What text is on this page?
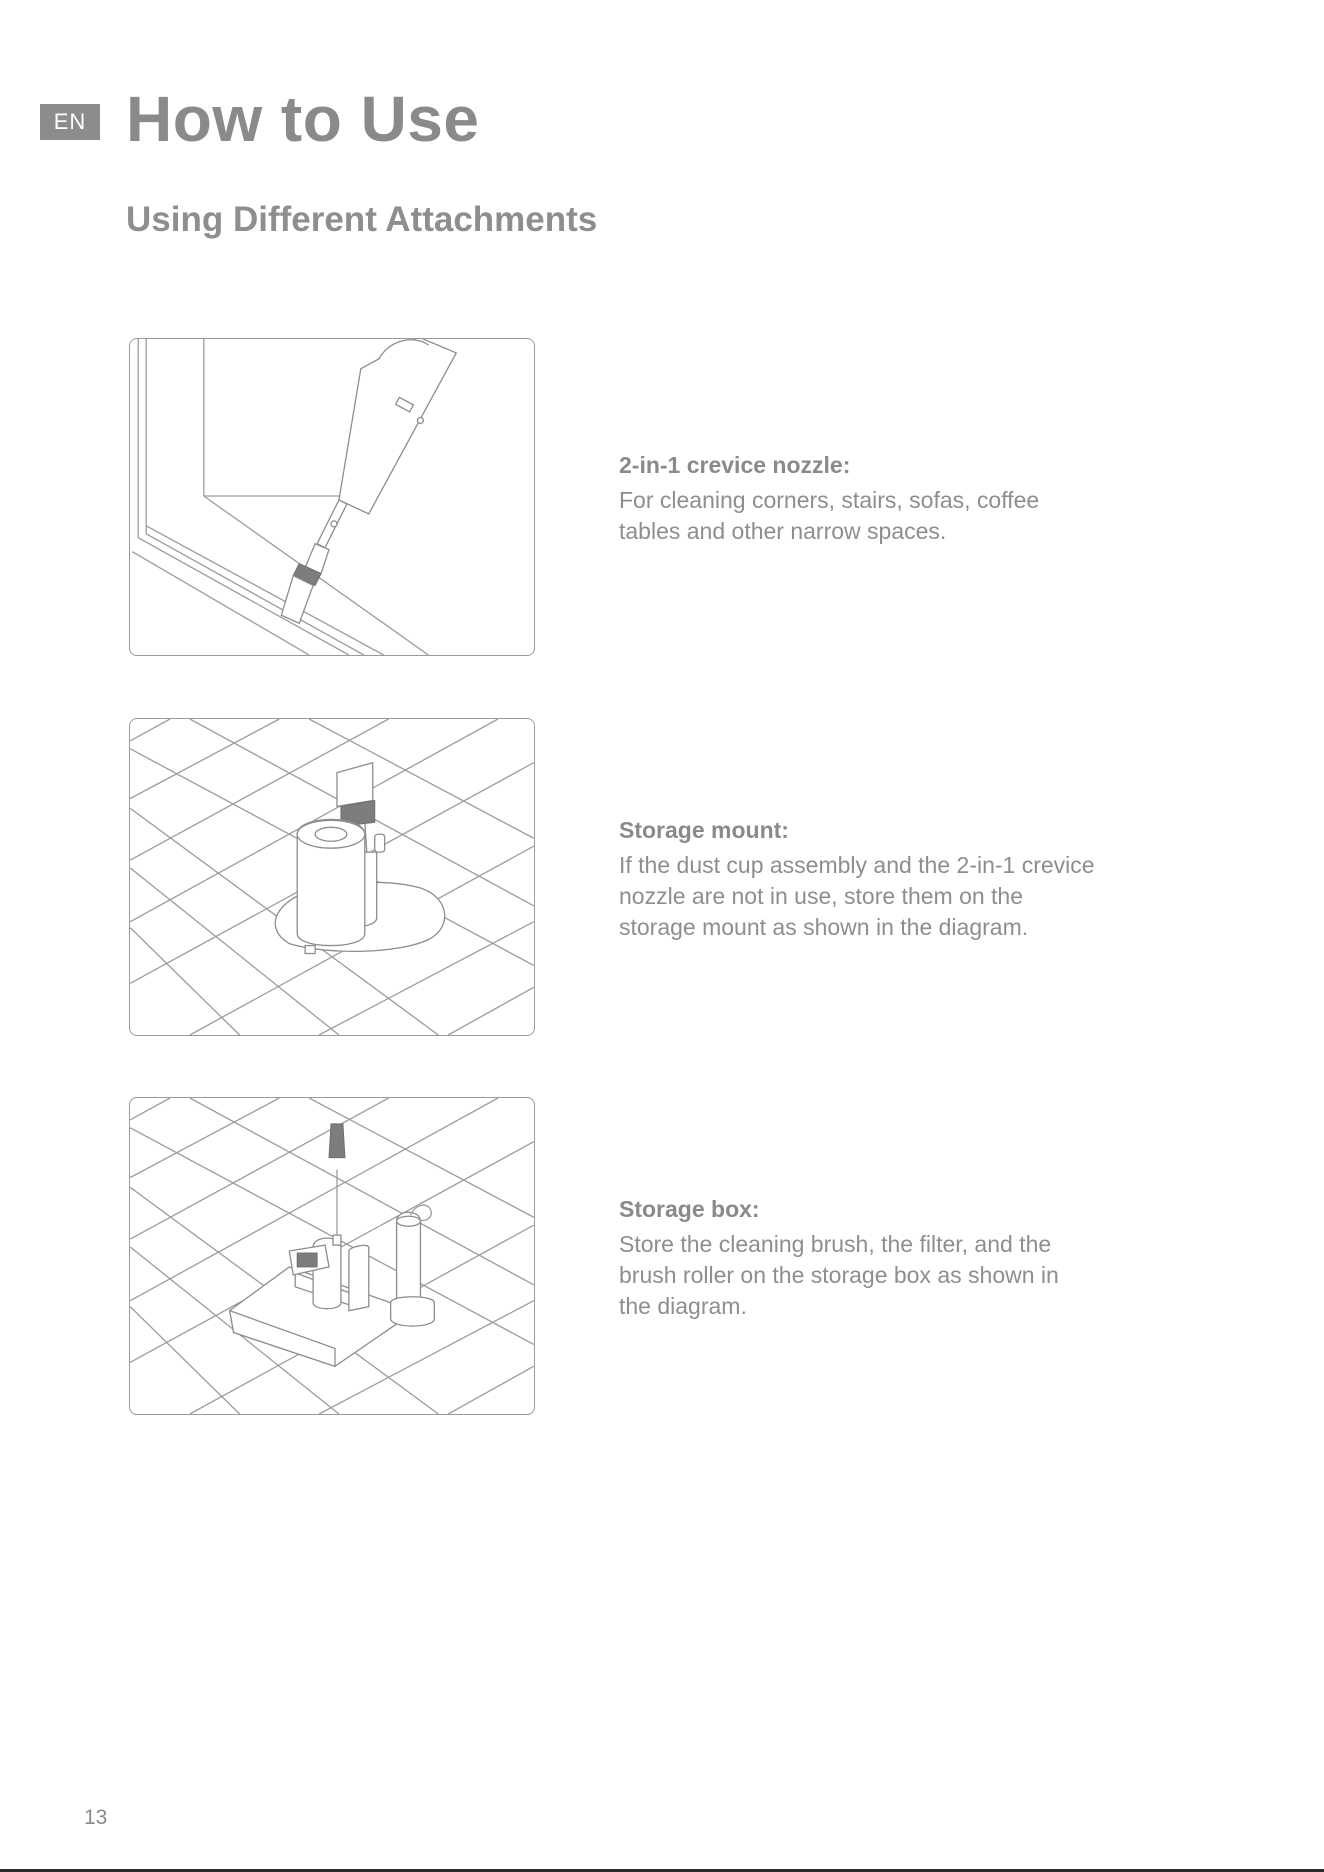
EN How to Use
Using Different Attachments

2-in-1 crevice nozzle:

For cleaning corners, stairs, sofas, coffee
tables and other narrow spaces.

Storage mount:

If the dust cup assembly and the 2-in-1 crevice
nozzle are not in use, store them on the
storage mount as shown in the diagram.

Storage box:

Store the cleaning brush, the filter, and the
brush roller on the storage box as shown in
the diagram.

13
